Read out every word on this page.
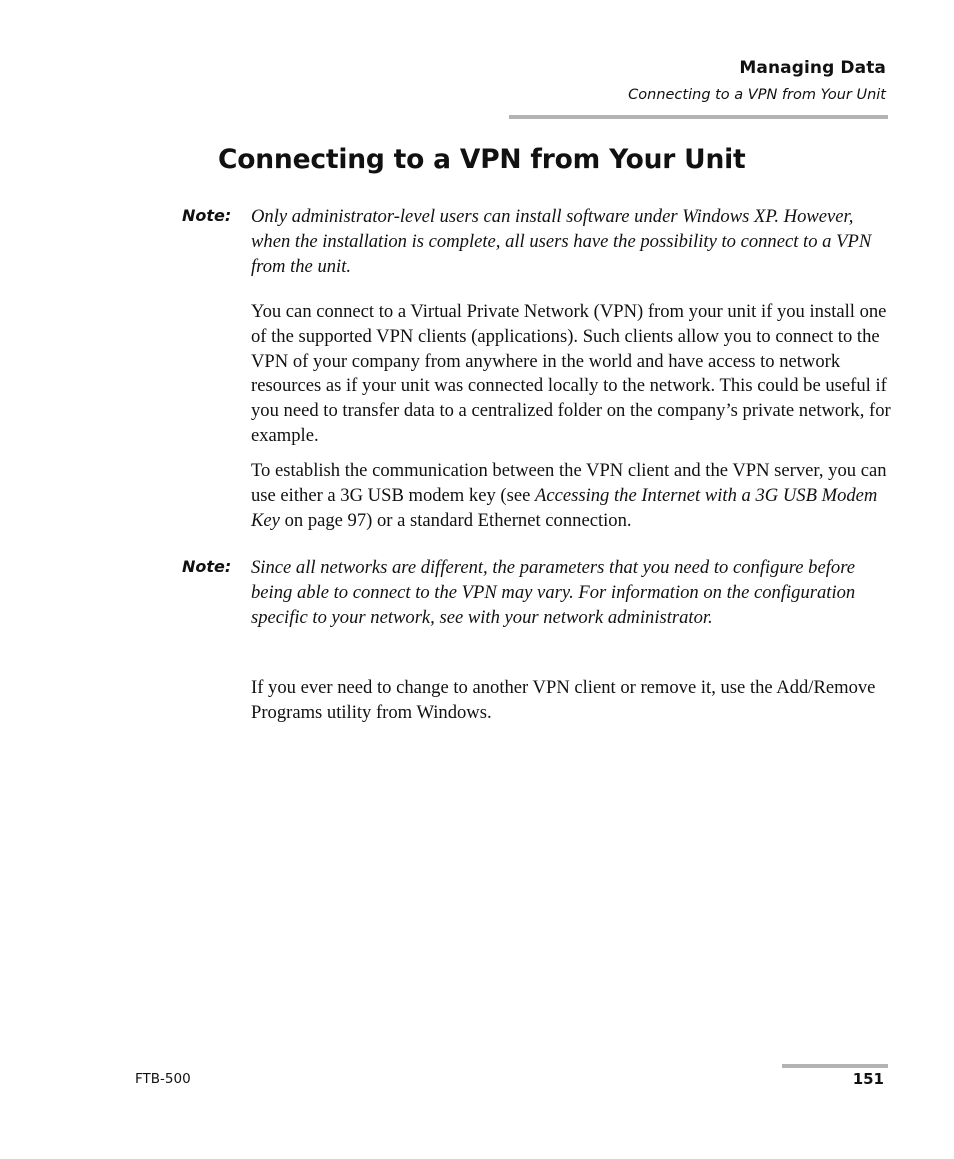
Managing Data
Connecting to a VPN from Your Unit
Connecting to a VPN from Your Unit
Note: Only administrator-level users can install software under Windows XP. However, when the installation is complete, all users have the possibility to connect to a VPN from the unit.

You can connect to a Virtual Private Network (VPN) from your unit if you install one of the supported VPN clients (applications). Such clients allow you to connect to the VPN of your company from anywhere in the world and have access to network resources as if your unit was connected locally to the network. This could be useful if you need to transfer data to a centralized folder on the company’s private network, for example.

To establish the communication between the VPN client and the VPN server, you can use either a 3G USB modem key (see Accessing the Internet with a 3G USB Modem Key on page 97) or a standard Ethernet connection.

Note: Since all networks are different, the parameters that you need to configure before being able to connect to the VPN may vary. For information on the configuration specific to your network, see with your network administrator.

If you ever need to change to another VPN client or remove it, use the Add/Remove Programs utility from Windows.

FTB-500	151
